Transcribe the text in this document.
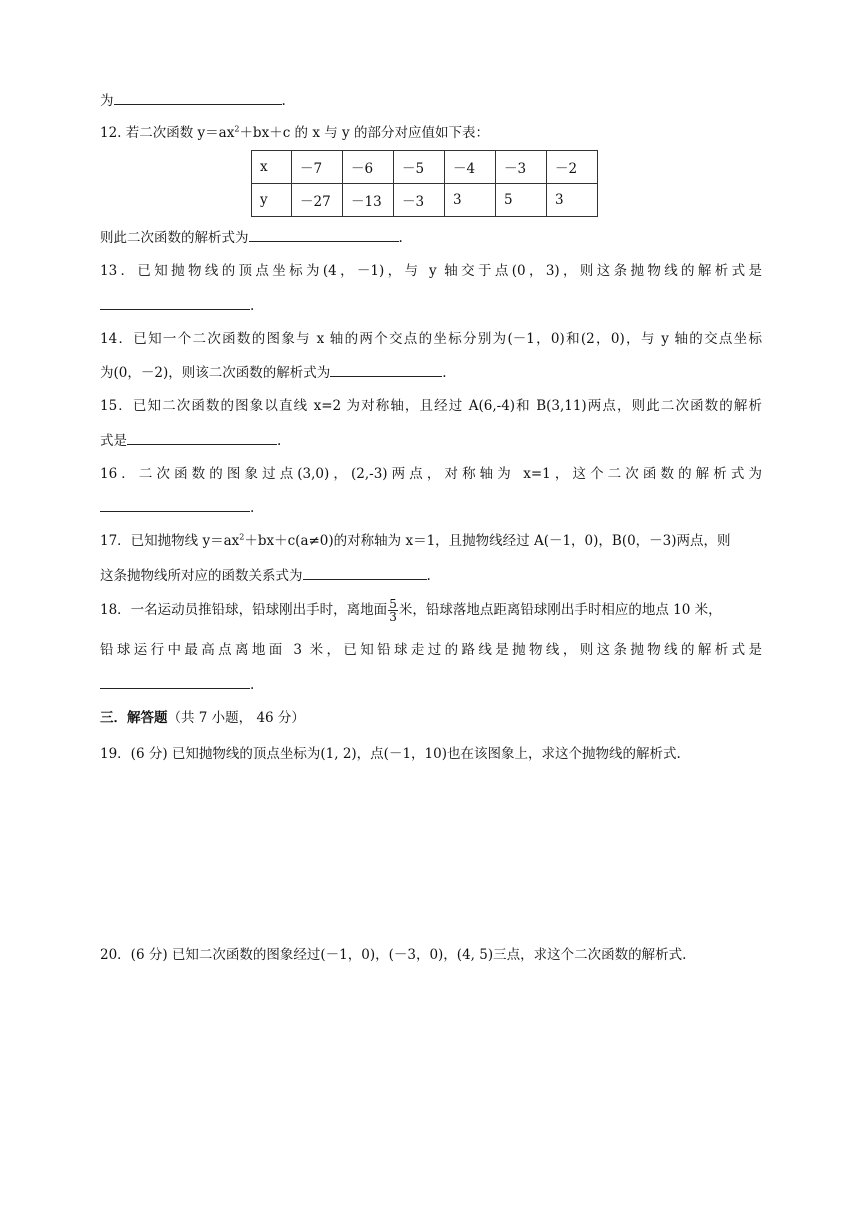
为	.
12. 若二次函数 $y=ax^2+bx+c$ 的 x 与 y 的部分对应值如下表：
x	－7	－6	－5	－4	－3	－2
y	－27	－13	－3	3	5	3
则此二次函数的解析式为	.
13．已知抛物线的顶点坐标为(4，－1)，与 y 轴交于点(0，3)，则这条抛物线的解析式是
.
14．已知一个二次函数的图象与 x 轴的两个交点的坐标分别为(－1，0)和(2，0)，与 y 轴的交点坐标
为(0，－2)，则该二次函数的解析式为	.
15．已知二次函数的图象以直线 x=2 为对称轴，且经过 A(6,-4)和 B(3,11)两点，则此二次函数的解析
式是	.
16．二次函数的图象过点(3,0)，(2,-3)两点，对称轴为 x=1，这个二次函数的解析式为
.
17．已知抛物线 $y=ax^2+bx+c(a\ne 0)$的对称轴为 x＝1，且抛物线经过 A(－1，0)，B(0，－3)两点，则
这条抛物线所对应的函数关系式为	.
18．一名运动员推铅球，铅球刚出手时，离地面 $\frac{5}{3}$ 米，铅球落地点距离铅球刚出手时相应的地点 10 米，
铅球运行中最高点离地面 3 米，已知铅球走过的路线是抛物线，则这条抛物线的解析式是
.
三．解答题（共 7 小题， 46 分）
19．(6 分) 已知抛物线的顶点坐标为(1, 2)，点(－1，10)也在该图象上，求这个抛物线的解析式.
20．(6 分) 已知二次函数的图象经过(－1，0)，(－3，0)，(4, 5)三点，求这个二次函数的解析式.
